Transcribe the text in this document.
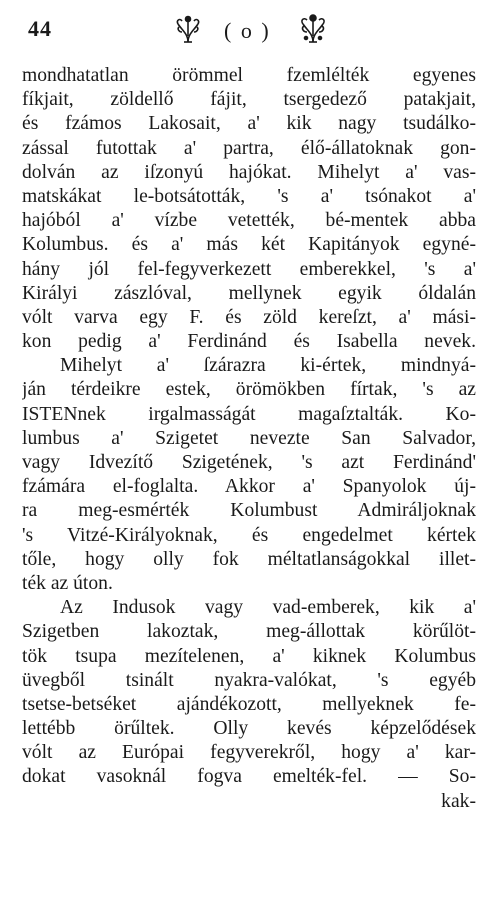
44	( o )
mondhatatlan örömmel fzemlélték egyenes
fíkjait, zöldellő fájit, tsergedező patakjait,
és fzámos Lakosait, a' kik nagy tsudálko-
zással futottak a' partra, élő-állatoknak gon-
dolván az iſzonyú hajókat. Mihelyt a' vas-
matskákat le-botsátották, 's a' tsónakot a'
hajóból a' vízbe vetették, bé-mentek abba
Kolumbus. és a' más két Kapitányok egyné-
hány jól fel-fegyverkezett emberekkel, 's a'
Királyi zászlóval, mellynek egyik óldalán
vólt varva egy F. és zöld kereſzt, a' mási-
kon pedig a' Ferdinánd és Isabella nevek.
Mihelyt a' ſzárazra ki-értek, mindnyá-
ján térdeikre estek, örömökben fírtak, 's az
ISTENnek irgalmasságát magaſztalták. Ko-
lumbus a' Szigetet nevezte San Salvador,
vagy Idvezítő Szigetének, 's azt Ferdinánd'
fzámára el-foglalta. Akkor a' Spanyolok új-
ra meg-esmérték Kolumbust Admiráljoknak
's Vitzé-Királyoknak, és engedelmet kértek
tőle, hogy olly fok méltatlanságokkal illet-
ték az úton.
Az Indusok vagy vad-emberek, kik a'
Szigetben lakoztak, meg-állottak körűlöt-
tök tsupa mezítelenen, a' kiknek Kolumbus
üvegből tsinált nyakra-valókat, 's egyéb
tsetse-betséket ajándékozott, mellyeknek fe-
lettébb örűltek. Olly kevés képzelődések
vólt az Európai fegyverekről, hogy a' kar-
dokat vasoknál fogva emelték-fel. — So-
kak-
